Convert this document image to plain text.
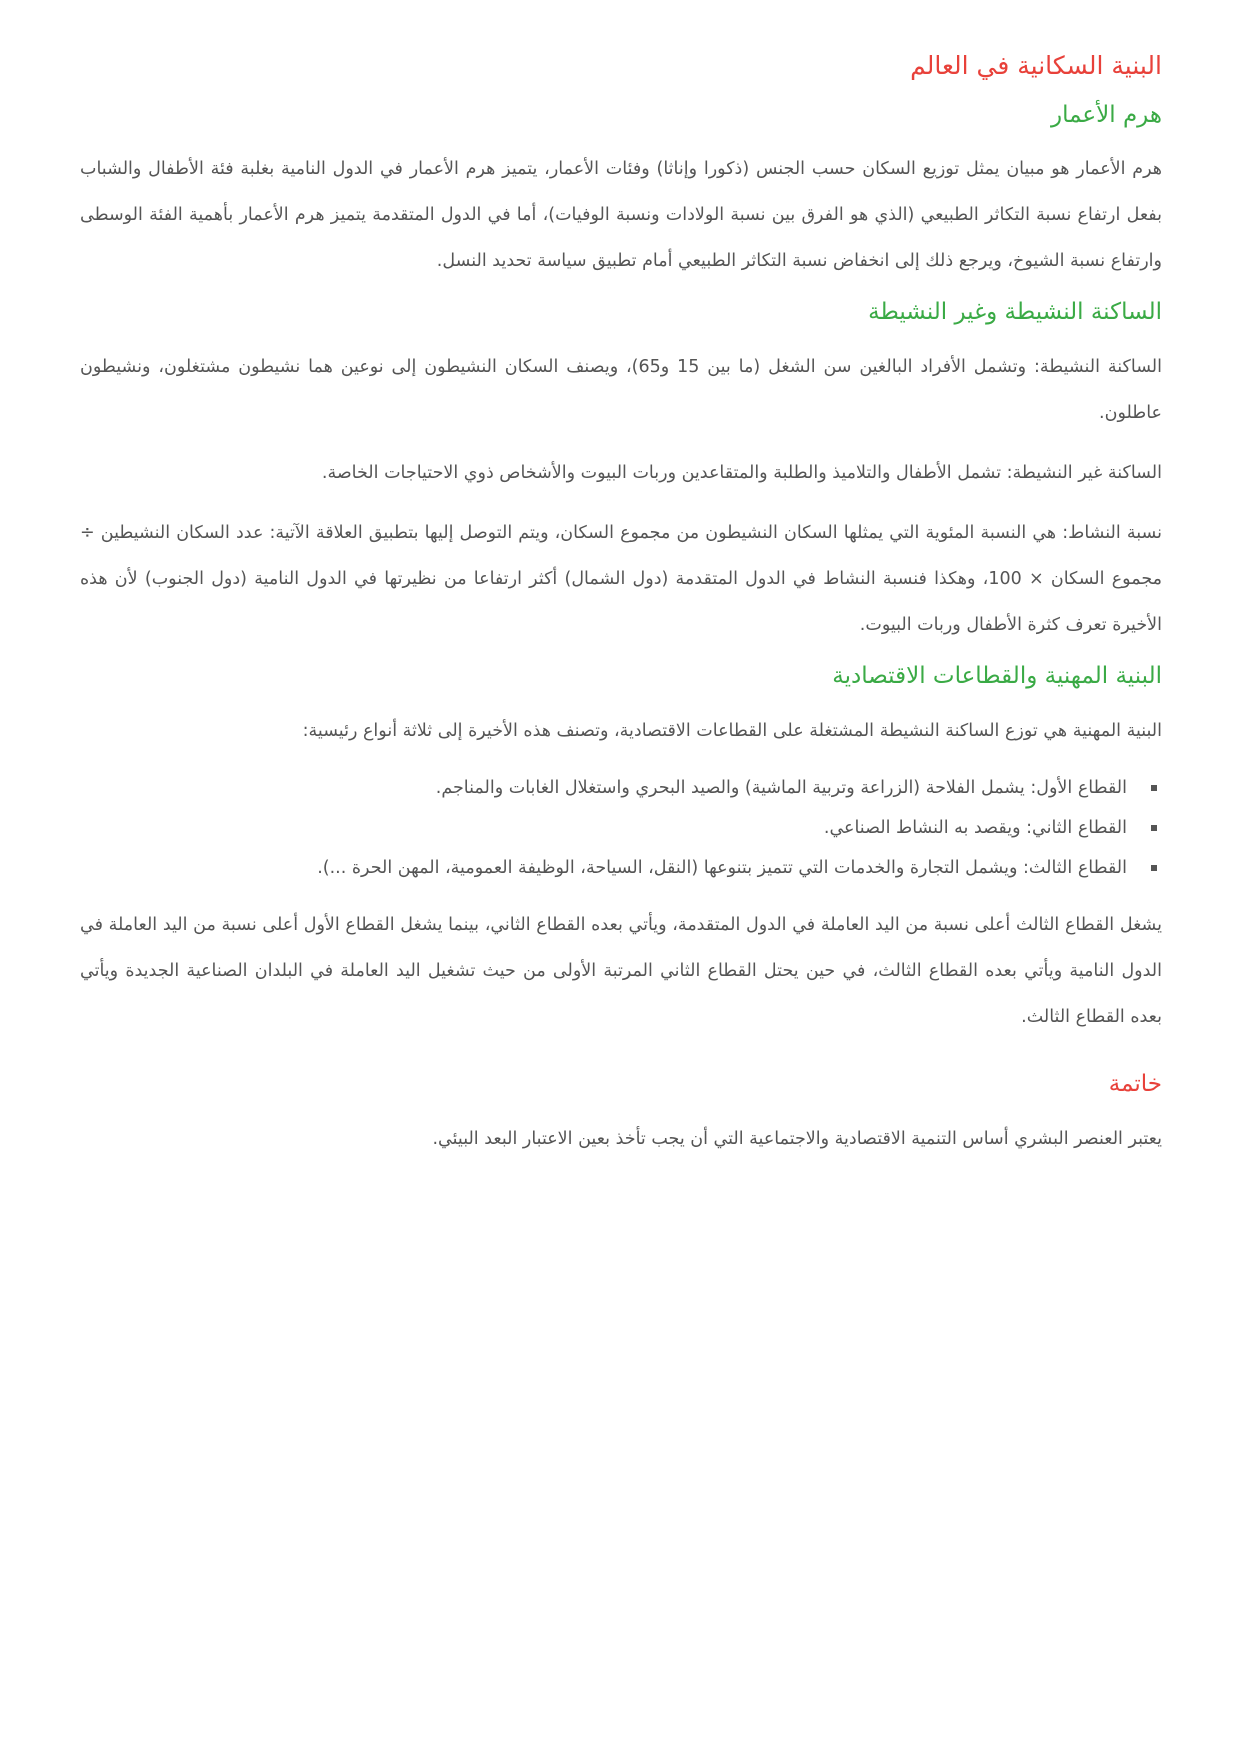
البنية السكانية في العالم
هرم الأعمار

هرم الأعمار هو مبيان يمثل توزيع السكان حسب الجنس (ذكورا وإناثا) وفئات الأعمار، يتميز هرم الأعمار في الدول النامية بغلبة فئة الأطفال والشباب بفعل ارتفاع نسبة التكاثر الطبيعي (الذي هو الفرق بين نسبة الولادات ونسبة الوفيات)، أما في الدول المتقدمة يتميز هرم الأعمار بأهمية الفئة الوسطى وارتفاع نسبة الشيوخ، ويرجع ذلك إلى انخفاض نسبة التكاثر الطبيعي أمام تطبيق سياسة تحديد النسل.

الساكنة النشيطة وغير النشيطة

الساكنة النشيطة: وتشمل الأفراد البالغين سن الشغل (ما بين 15 و65)، ويصنف السكان النشيطون إلى نوعين هما نشيطون مشتغلون، ونشيطون عاطلون.

الساكنة غير النشيطة: تشمل الأطفال والتلاميذ والطلبة والمتقاعدين وربات البيوت والأشخاص ذوي الاحتياجات الخاصة.

نسبة النشاط: هي النسبة المئوية التي يمثلها السكان النشيطون من مجموع السكان، ويتم التوصل إليها بتطبيق العلاقة الآتية: عدد السكان النشيطين ÷ مجموع السكان × 100، وهكذا فنسبة النشاط في الدول المتقدمة (دول الشمال) أكثر ارتفاعا من نظيرتها في الدول النامية (دول الجنوب) لأن هذه الأخيرة تعرف كثرة الأطفال وربات البيوت.

البنية المهنية والقطاعات الاقتصادية

البنية المهنية هي توزع الساكنة النشيطة المشتغلة على القطاعات الاقتصادية، وتصنف هذه الأخيرة إلى ثلاثة أنواع رئيسية:

القطاع الأول: يشمل الفلاحة (الزراعة وتربية الماشية) والصيد البحري واستغلال الغابات والمناجم.
القطاع الثاني: ويقصد به النشاط الصناعي.
القطاع الثالث: ويشمل التجارة والخدمات التي تتميز بتنوعها (النقل، السياحة، الوظيفة العمومية، المهن الحرة ...).

يشغل القطاع الثالث أعلى نسبة من اليد العاملة في الدول المتقدمة، ويأتي بعده القطاع الثاني، بينما يشغل القطاع الأول أعلى نسبة من اليد العاملة في الدول النامية ويأتي بعده القطاع الثالث، في حين يحتل القطاع الثاني المرتبة الأولى من حيث تشغيل اليد العاملة في البلدان الصناعية الجديدة ويأتي بعده القطاع الثالث.

خاتمة

يعتبر العنصر البشري أساس التنمية الاقتصادية والاجتماعية التي أن يجب تأخذ بعين الاعتبار البعد البيئي.
